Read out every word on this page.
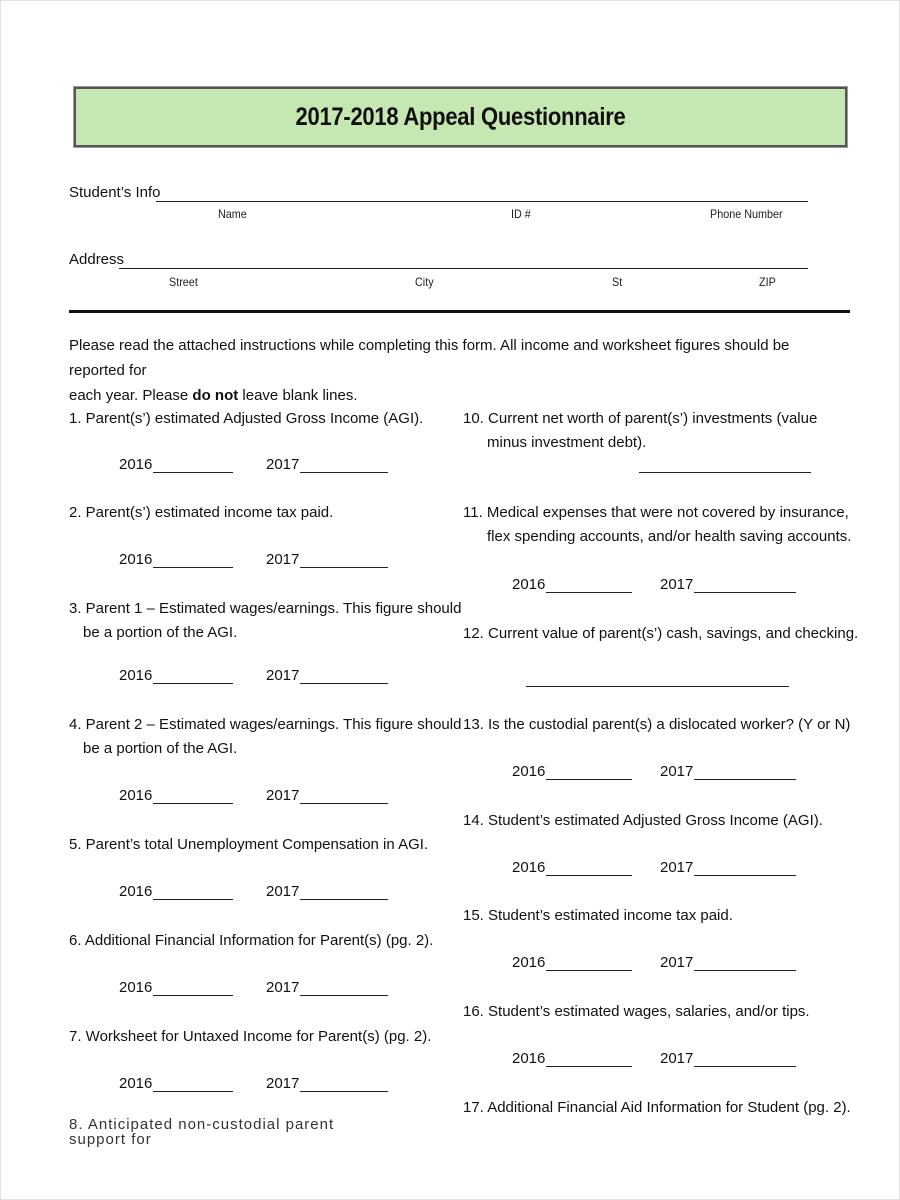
2017-2018 Appeal Questionnaire
Student’s Info
Name	ID #	Phone Number
Address
Street	City	St	ZIP
Please read the attached instructions while completing this form. All income and worksheet figures should be reported for
each year. Please do not leave blank lines.
1. Parent(s’) estimated Adjusted Gross Income (AGI).
2016	2017
2. Parent(s’) estimated income tax paid.
2016	2017
3. Parent 1 – Estimated wages/earnings. This figure should
be a portion of the AGI.
2016	2017
4. Parent 2 – Estimated wages/earnings. This figure should
be a portion of the AGI.
2016	2017
5. Parent’s total Unemployment Compensation in AGI.
2016	2017
6. Additional Financial Information for Parent(s) (pg. 2).
2016	2017
7. Worksheet for Untaxed Income for Parent(s) (pg. 2).
2016	2017
8. Anticipated non-custodial parent support for
10. Current net worth of parent(s’) investments (value
minus investment debt).
11. Medical expenses that were not covered by insurance,
flex spending accounts, and/or health saving accounts.
2016	2017
12. Current value of parent(s’) cash, savings, and checking.
13. Is the custodial parent(s) a dislocated worker? (Y or N)
2016	2017
14. Student’s estimated Adjusted Gross Income (AGI).
2016	2017
15. Student’s estimated income tax paid.
2016	2017
16. Student’s estimated wages, salaries, and/or tips.
2016	2017
17. Additional Financial Aid Information for Student (pg. 2).
